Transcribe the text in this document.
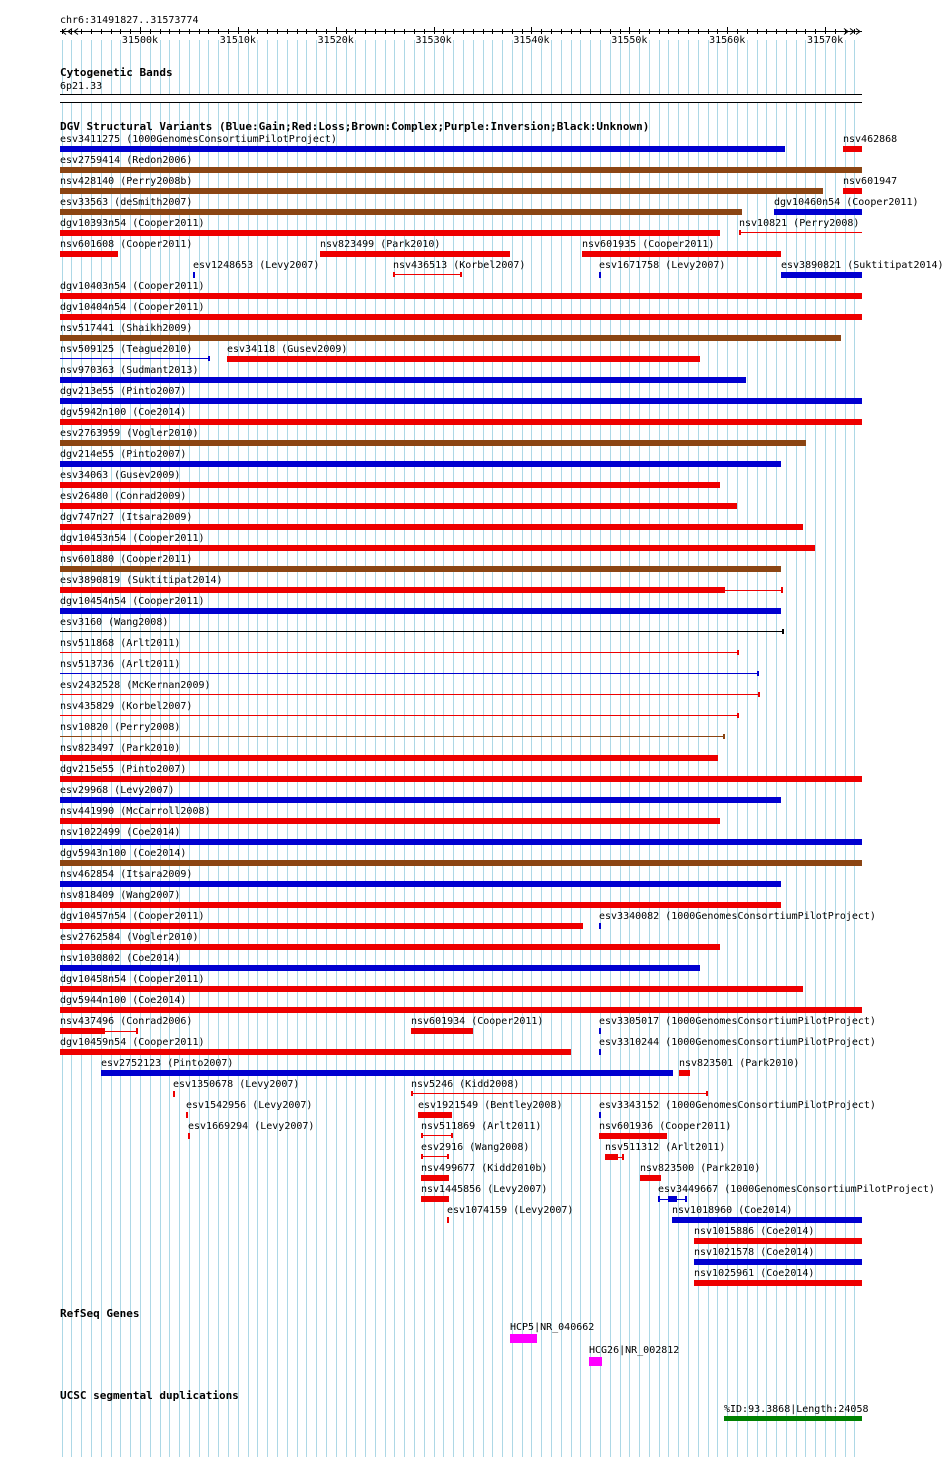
chr6:31491827..31573774
31500k	31510k	31520k	31530k	31540k	31550k	31560k	31570k
Cytogenetic Bands
6p21.33
DGV Structural Variants (Blue:Gain;Red:Loss;Brown:Complex;Purple:Inversion;Black:Unknown)
esv3411275 (1000GenomesConsortiumPilotProject)	nsv462868
esv2759414 (Redon2006)
nsv428140 (Perry2008b)	nsv601947
esv33563 (deSmith2007)	dgv10460n54 (Cooper2011)
dgv10393n54 (Cooper2011)	nsv10821 (Perry2008)
nsv601608 (Cooper2011)
esv1248653 (Levy2007)
nsv823499 (Park2010)	nsv601935 (Cooper2011)
dgv10403n54 (Cooper2011)
dgv10404n54 (Cooper2011)
nsv517441 (Shaikh2009)
nsv509125 (Teague2010)	esv34118 (Gusev2009)
esv3890821 (Suktitipat2014)
nsv970363 (Sudmant2013)
dgv213e55 (Pinto2007)
dgv5942n100 (Coe2014)
esv2763959 (Vogler2010)
dgv214e55 (Pinto2007)
esv34063 (Gusev2009)
esv26480 (Conrad2009)
dgv747n27 (Itsara2009)
dgv10453n54 (Cooper2011)
nsv601880 (Cooper2011)
esv3890819 (Suktitipat2014)
dgv10454n54 (Cooper2011)
esv3160 (Wang2008)
nsv511868 (Arlt2011)
nsv513736 (Arlt2011)
esv2432528 (McKernan2009)
nsv435829 (Korbel2007)
nsv10820 (Perry2008)
nsv823497 (Park2010)
dgv215e55 (Pinto2007)
esv29968 (Levy2007)
nsv441990 (McCarroll2008)
nsv1022499 (Coe2014)
dgv5943n100 (Coe2014)
nsv462854 (Itsara2009)
nsv818409 (Wang2007)
dgv10457n54 (Cooper2011)	esv3340082 (1000GenomesConsortiumPilotProject)
esv2762584 (Vogler2010)
nsv1030802 (Coe2014)
dgv10458n54 (Cooper2011)
dgv5944n100 (Coe2014)
nsv437496 (Conrad2006)
nsv436513 (Korbel2007)
esv3305017 (1000GenomesConsortiumPilotProject)
dgv10459n54 (Cooper2011)	esv3310244 (1000GenomesConsortiumPilotProject)
esv2752123 (Pinto2007)	nsv823501 (Park2010)
esv1350678 (Levy2007)	nsv5246 (Kidd2008)
esv1542956 (Levy2007)
nsv601934 (Cooper2011)
esv3343152 (1000GenomesConsortiumPilotProject)
esv1669294 (Levy2007)
esv1921549 (Bentley2008)
esv1671758 (Levy2007)
nsv511869 (Arlt2011)	nsv601936 (Cooper2011)
esv2916 (Wang2008)	nsv511312 (Arlt2011)
nsv499677 (Kidd2010b)	nsv823500 (Park2010)
nsv1445856 (Levy2007)	esv3449667 (1000GenomesConsortiumPilotProject)
esv1074159 (Levy2007)	nsv1018960 (Coe2014)
nsv1015886 (Coe2014)
nsv1021578 (Coe2014)
nsv1025961 (Coe2014)
RefSeq Genes
HCP5|NR_040662
HCG26|NR_002812
UCSC segmental duplications
%ID:93.3868|Length:24058
